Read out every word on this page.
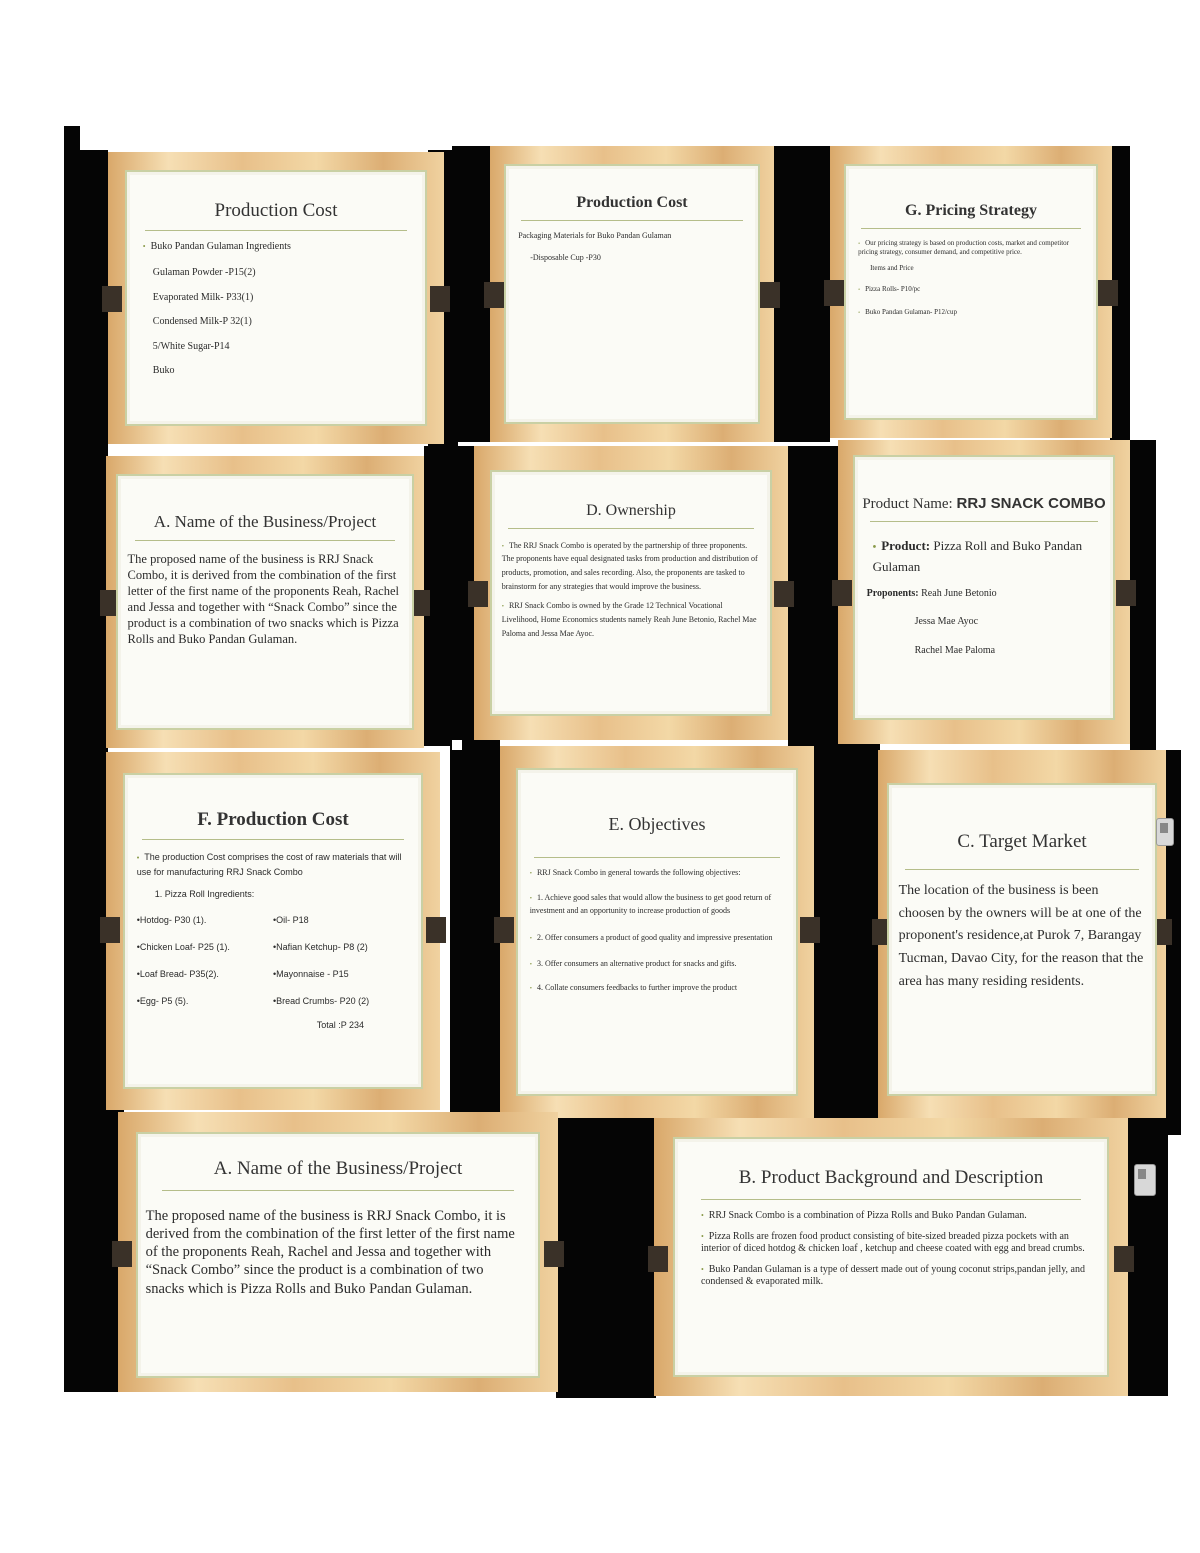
Production Cost

• Buko Pandan Gulaman Ingredients

Gulaman Powder -P15(2)

Evaporated Milk- P33(1)

Condensed Milk-P 32(1)

5/White Sugar-P14

Buko

Production Cost

Packaging Materials for Buko Pandan Gulaman

-Disposable Cup -P30

G. Pricing Strategy

• Our pricing strategy is based on production costs, market and competitor pricing strategy, consumer demand, and competitive price.

Items and Price

• Pizza Rolls- P10/pc

• Buko Pandan Gulaman- P12/cup

A. Name of the Business/Project

The proposed name of the business is RRJ Snack Combo, it is derived from the combination of the first letter of the first name of the proponents Reah, Rachel and Jessa and together with “Snack Combo” since the product is a combination of two snacks which is Pizza Rolls and Buko Pandan Gulaman.

D. Ownership

• The RRJ Snack Combo is operated by the partnership of three proponents. The proponents have equal designated tasks from production and distribution of products, promotion, and sales recording. Also, the proponents are tasked to brainstorm for any strategies that would improve the business.

• RRJ Snack Combo is owned by the Grade 12 Technical Vocational Livelihood, Home Economics students namely Reah June Betonio, Rachel Mae Paloma and Jessa Mae Ayoc.

Product Name: RRJ SNACK COMBO

• Product: Pizza Roll and Buko Pandan Gulaman

Proponents: Reah June Betonio

Jessa Mae Ayoc

Rachel Mae Paloma

F. Production Cost

• The production Cost comprises the cost of raw materials that will use for manufacturing RRJ Snack Combo

1. Pizza Roll Ingredients:

•Hotdog- P30 (1).

•Chicken Loaf- P25 (1).

•Loaf Bread- P35(2).

•Egg- P5 (5).

•Oil- P18

•Nafian Ketchup- P8 (2)

•Mayonnaise - P15

•Bread Crumbs- P20 (2)

Total :P 234

E. Objectives

• RRJ Snack Combo in general towards the following objectives:

• 1. Achieve good sales that would allow the business to get good return of investment and an opportunity to increase production of goods

• 2. Offer consumers a product of good quality and impressive presentation

• 3. Offer consumers an alternative product for snacks and gifts.

• 4. Collate consumers feedbacks to further improve the product

C. Target Market

The location of the business is been choosen by the owners will be at one of the proponent's residence,at Purok 7, Barangay Tucman, Davao City, for the reason that the area has many residing residents.

A. Name of the Business/Project

The proposed name of the business is RRJ Snack Combo, it is derived from the combination of the first letter of the first name of the proponents Reah, Rachel and Jessa and together with “Snack Combo” since the product is a combination of two snacks which is Pizza Rolls and Buko Pandan Gulaman.

B. Product Background and Description

• RRJ Snack Combo is a combination of Pizza Rolls and Buko Pandan Gulaman.

• Pizza Rolls are frozen food product consisting of bite-sized breaded pizza pockets with an interior of diced hotdog & chicken loaf , ketchup and cheese coated with egg and bread crumbs.

• Buko Pandan Gulaman is a type of dessert made out of young coconut strips,pandan jelly, and condensed & evaporated milk.
